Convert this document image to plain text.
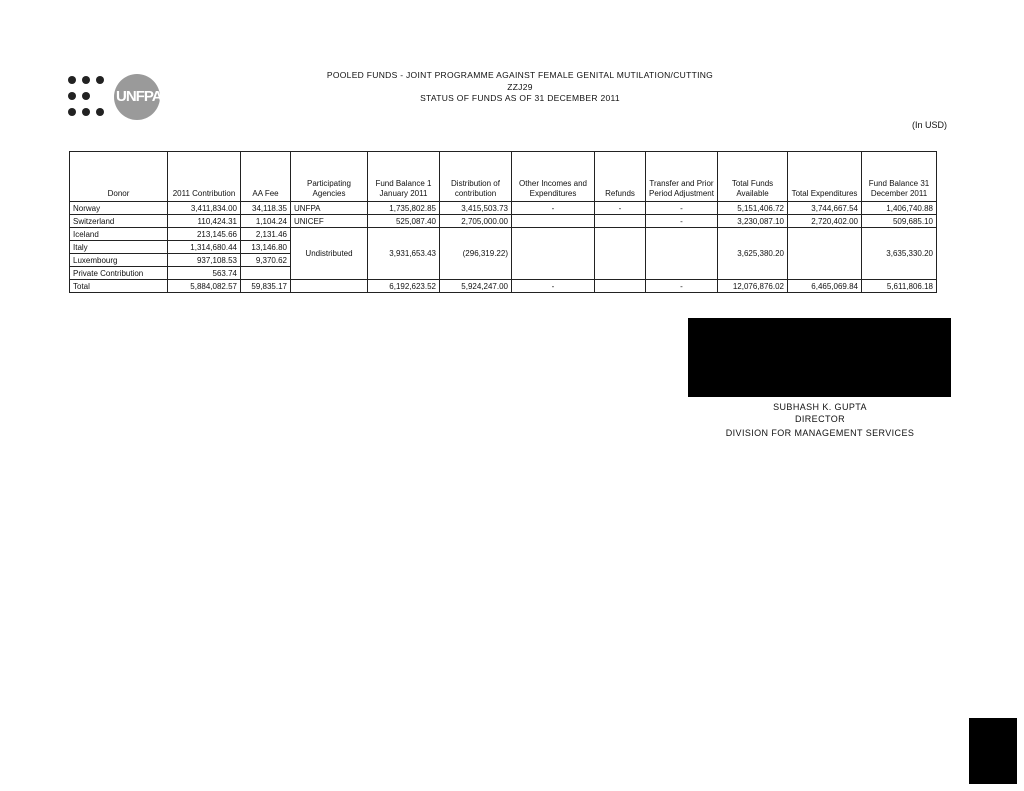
UNFPA
POOLED FUNDS - JOINT PROGRAMME AGAINST FEMALE GENITAL MUTILATION/CUTTING
ZZJ29
STATUS OF FUNDS AS OF 31 DECEMBER 2011
(In USD)
Donor	2011 Contribution	AA Fee	Participating Agencies	Fund Balance 1 January 2011	Distribution of contribution	Other Incomes and Expenditures	Refunds	Transfer and Prior Period Adjustment	Total Funds Available	Total Expenditures	Fund Balance 31 December 2011
Norway	3,411,834.00	34,118.35	UNFPA	1,735,802.85	3,415,503.73	-	-	-	5,151,406.72	3,744,667.54	1,406,740.88
Switzerland	110,424.31	1,104.24	UNICEF	525,087.40	2,705,000.00			-	3,230,087.10	2,720,402.00	509,685.10
Iceland	213,145.66	2,131.46	Undistributed	3,931,653.43	(296,319.22)				3,625,380.20		3,635,330.20
Italy	1,314,680.44	13,146.80									
Luxembourg	937,108.53	9,370.62									
Private Contribution	563.74										
Total	5,884,082.57	59,835.17		6,192,623.52	5,924,247.00	-		-	12,076,876.02	6,465,069.84	5,611,806.18
SUBHASH K. GUPTA
DIRECTOR
DIVISION FOR MANAGEMENT SERVICES
